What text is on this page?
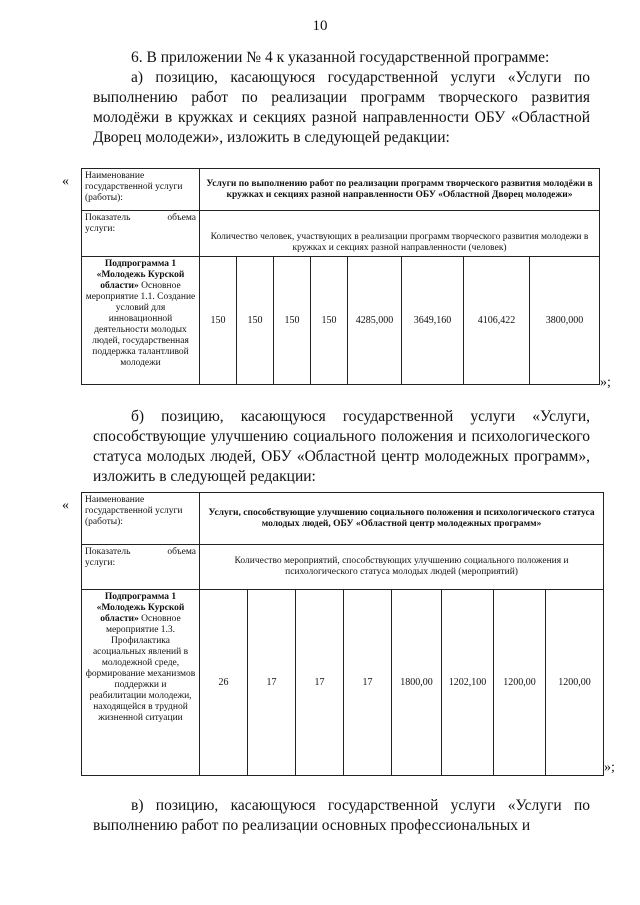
10
6. В приложении № 4 к указанной государственной программе:
а) позицию, касающуюся государственной услуги «Услуги по выполнению работ по реализации программ творческого развития молодёжи в кружках и секциях разной направленности ОБУ «Областной Дворец молодежи», изложить в следующей редакции:
« Наименование государственной услуги (работы):	Услуги по выполнению работ по реализации программ творческого развития молодёжи в кружках и секциях разной направленности ОБУ «Областной Дворец молодежи»							

Показатель объема
услуги:	Количество человек, участвующих в реализации программ творческого развития молодежи в кружках и секциях разной направленности (человек)							
Подпрограмма 1 «Молодежь Курской области» Основное мероприятие 1.1. Создание условий для инновационной деятельности молодых людей, государственная поддержка талантливой молодежи	150	150	150	150	4285,000	3649,160	4106,422	3800,000
»;
б) позицию, касающуюся государственной услуги «Услуги, способствующие улучшению социального положения и психологического статуса молодых людей, ОБУ «Областной центр молодежных программ», изложить в следующей редакции:
« Наименование государственной услуги (работы):	Услуги, способствующие улучшению социального положения и психологического статуса молодых людей, ОБУ «Областной центр молодежных программ»							

Показатель объема
услуги:	Количество мероприятий, способствующих улучшению социального положения и психологического статуса молодых людей (мероприятий)							
Подпрограмма 1 «Молодежь Курской области» Основное мероприятие 1.3. Профилактика асоциальных явлений в молодежной среде, формирование механизмов поддержки и реабилитации молодежи, находящейся в трудной жизненной ситуации	26	17	17	17	1800,00	1202,100	1200,00	1200,00
»;
в) позицию, касающуюся государственной услуги «Услуги по выполнению работ по реализации основных профессиональных и
